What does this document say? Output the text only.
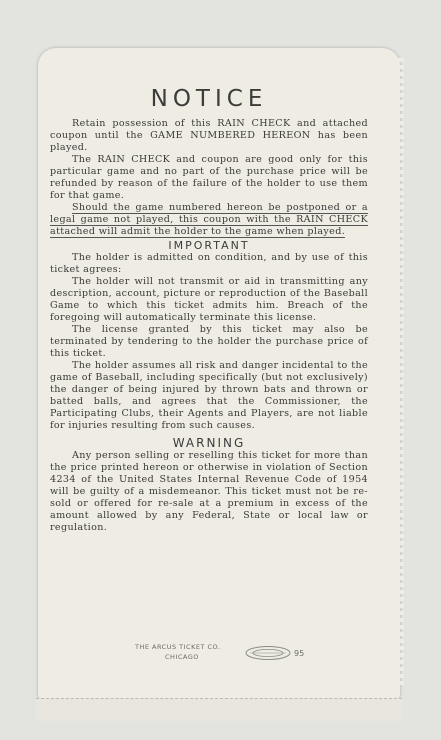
NOTICE

Retain possession of this RAIN CHECK and attached coupon until the GAME NUMBERED HEREON has been played.

The RAIN CHECK and coupon are good only for this particular game and no part of the purchase price will be refunded by reason of the failure of the holder to use them for that game.

Should the game numbered hereon be postponed or a legal game not played, this coupon with the RAIN CHECK attached will admit the holder to the game when played.

IMPORTANT

The holder is admitted on condition, and by use of this ticket agrees:

The holder will not transmit or aid in transmitting any description, account, picture or reproduction of the Baseball Game to which this ticket admits him. Breach of the foregoing will automatically terminate this license.

The license granted by this ticket may also be terminated by tendering to the holder the purchase price of this ticket.

The holder assumes all risk and danger incidental to the game of Baseball, including specifically (but not exclusively) the danger of being injured by thrown bats and thrown or batted balls, and agrees that the Commissioner, the Participating Clubs, their Agents and Players, are not liable for injuries resulting from such causes.

WARNING

Any person selling or reselling this ticket for more than the price printed hereon or otherwise in violation of Section 4234 of the United States Internal Revenue Code of 1954 will be guilty of a misdemeanor. This ticket must not be re-sold or offered for re-sale at a premium in excess of the amount allowed by any Federal, State or local law or regulation.

THE ARCUS TICKET CO.
CHICAGO	95
